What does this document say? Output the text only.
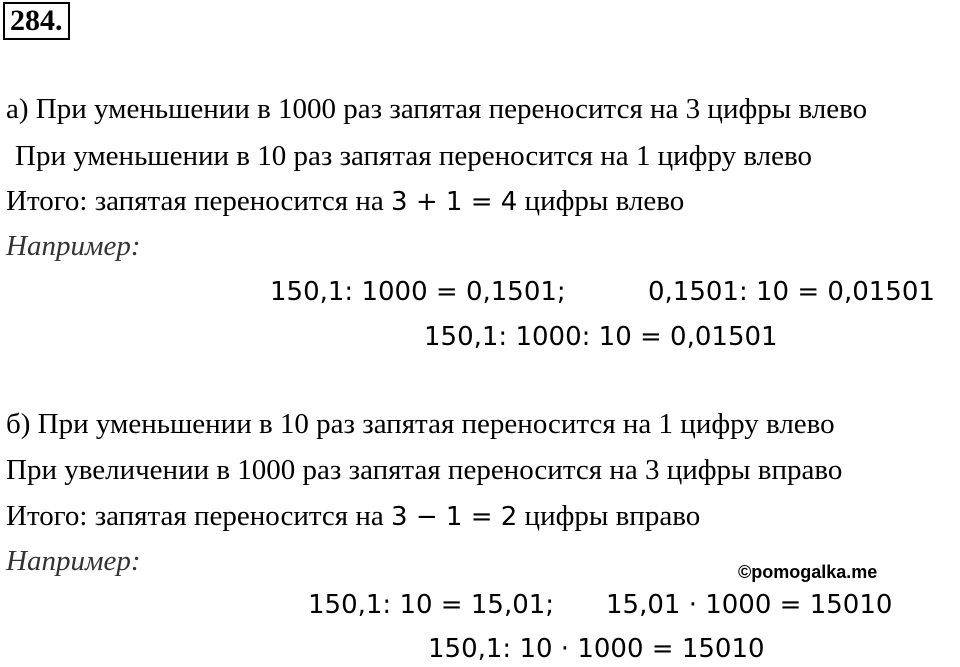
284.
а) При уменьшении в 1000 раз запятая переносится на 3 цифры влево
При уменьшении в 10 раз запятая переносится на 1 цифру влево
Итого: запятая переносится на 3 + 1 = 4 цифры влево
Например:
150,1: 1000 = 0,1501;	0,1501: 10 = 0,01501
150,1: 1000: 10 = 0,01501
б) При уменьшении в 10 раз запятая переносится на 1 цифру влево
При увеличении в 1000 раз запятая переносится на 3 цифры вправо
Итого: запятая переносится на 3 − 1 = 2 цифры вправо
Например:
150,1: 10 = 15,01; 15,01 · 1000 = 15010
150,1: 10 · 1000 = 15010
©pomogalka.me
